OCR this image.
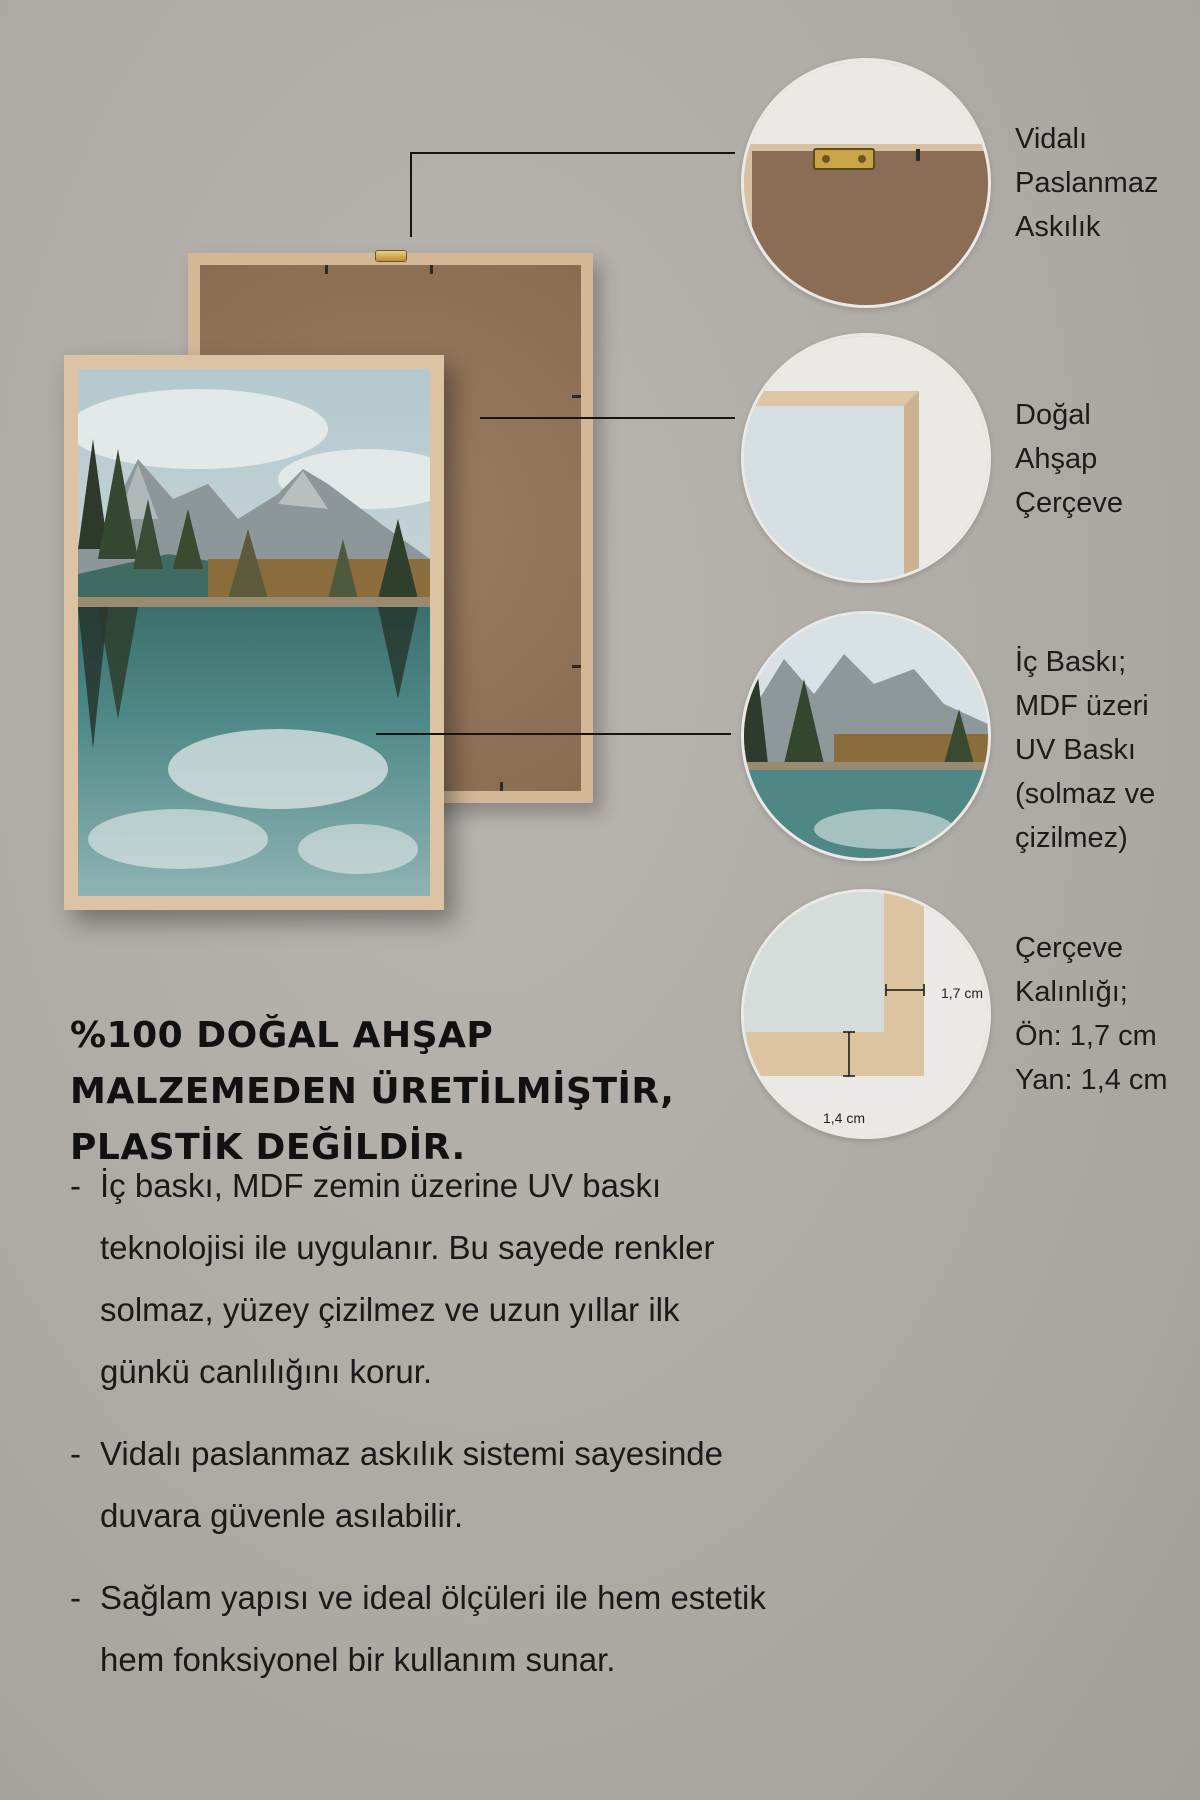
1,7 cm
1,4 cm
Vidalı
Paslanmaz
Askılık
Doğal
Ahşap
Çerçeve
İç Baskı;
MDF üzeri
UV Baskı
(solmaz ve
çizilmez)
Çerçeve
Kalınlığı;
Ön: 1,7 cm
Yan: 1,4 cm
%100 DOĞAL AHŞAP MALZEMEDEN ÜRETİLMİŞTİR, PLASTİK DEĞİLDİR.
- İç baskı, MDF zemin üzerine UV baskı teknolojisi ile uygulanır. Bu sayede renkler solmaz, yüzey çizilmez ve uzun yıllar ilk günkü canlılığını korur.
- Vidalı paslanmaz askılık sistemi sayesinde duvara güvenle asılabilir.
- Sağlam yapısı ve ideal ölçüleri ile hem estetik hem fonksiyonel bir kullanım sunar.
